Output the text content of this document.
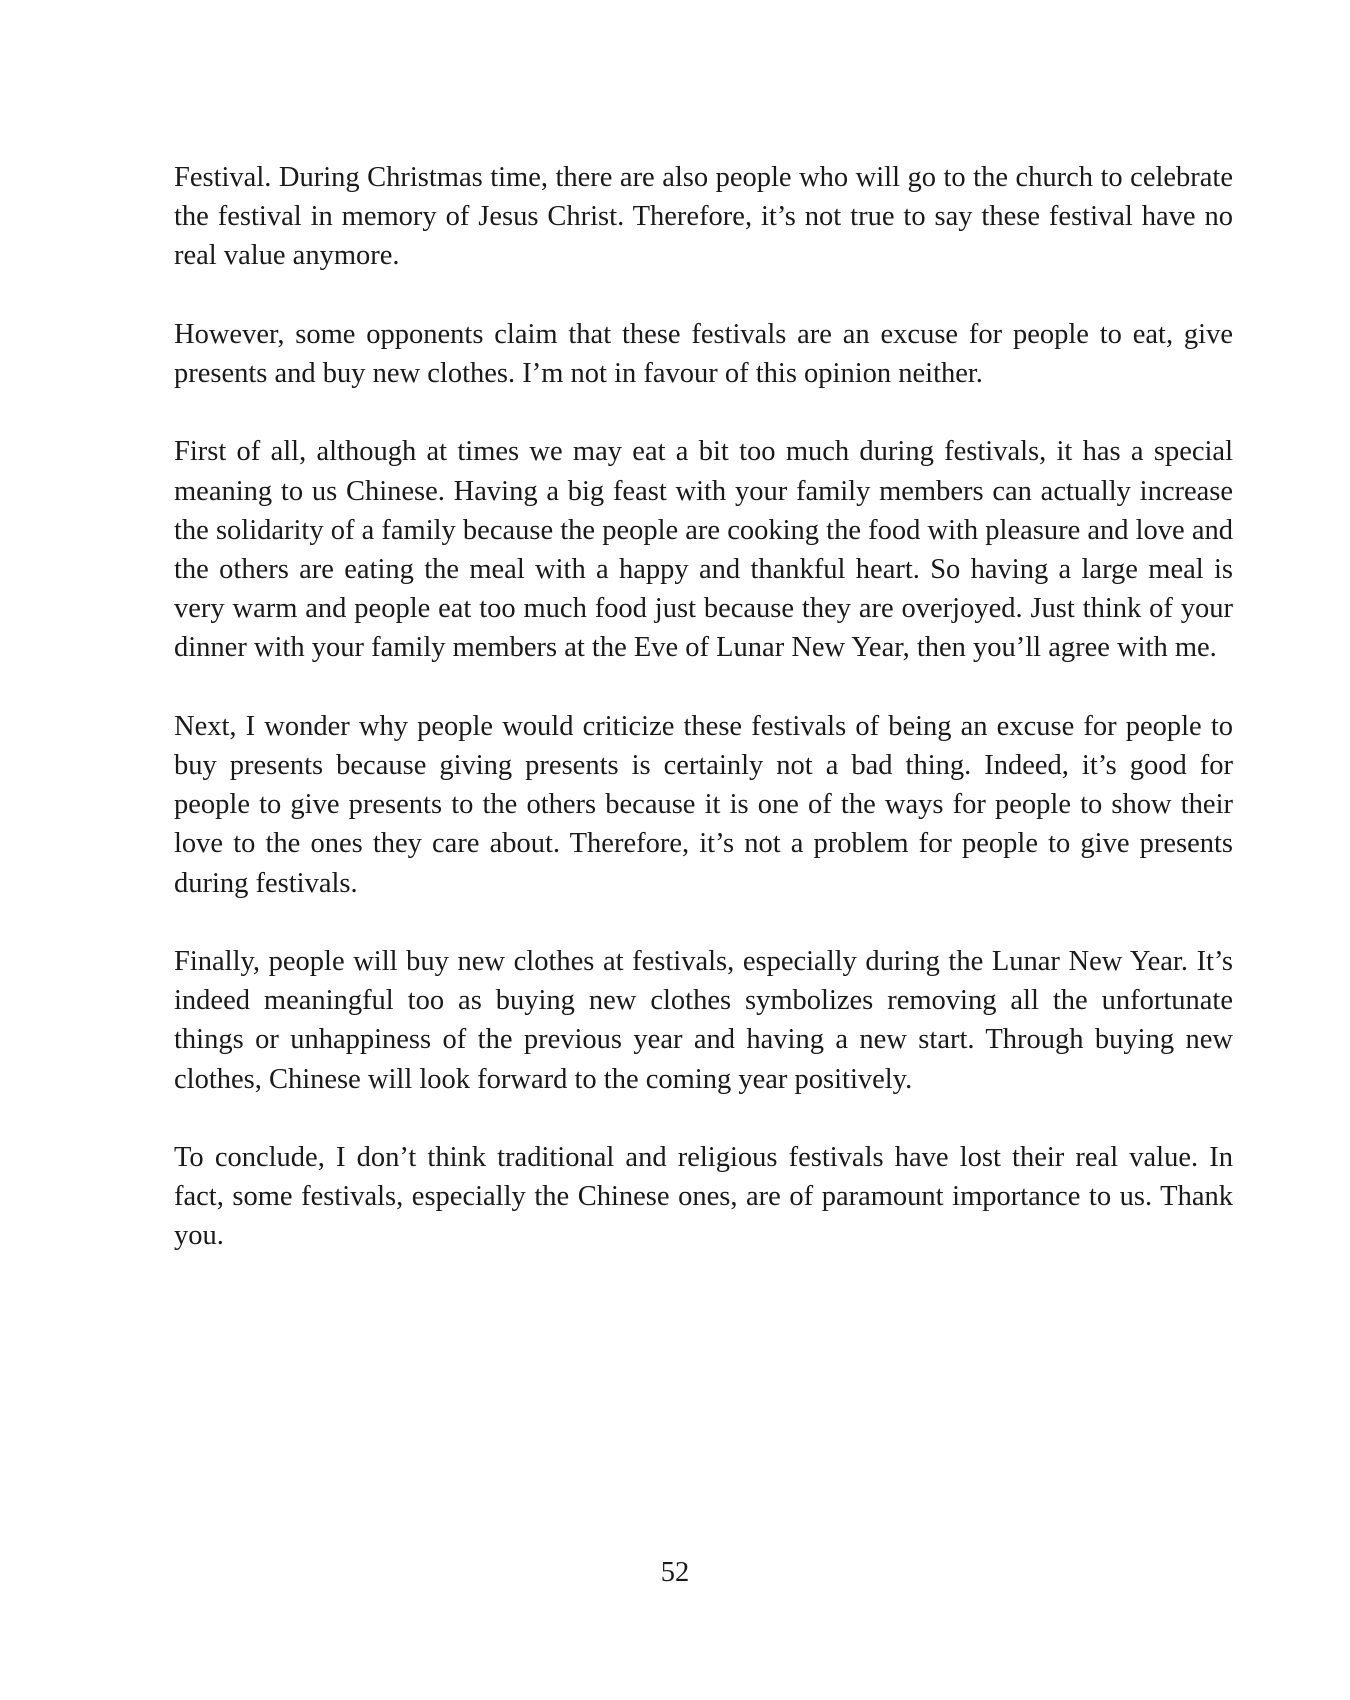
Festival. During Christmas time, there are also people who will go to the church to celebrate the festival in memory of Jesus Christ. Therefore, it’s not true to say these festival have no real value anymore.

However, some opponents claim that these festivals are an excuse for people to eat, give presents and buy new clothes. I’m not in favour of this opinion neither.

First of all, although at times we may eat a bit too much during festivals, it has a special meaning to us Chinese. Having a big feast with your family members can actually increase the solidarity of a family because the people are cooking the food with pleasure and love and the others are eating the meal with a happy and thankful heart. So having a large meal is very warm and people eat too much food just because they are overjoyed. Just think of your dinner with your family members at the Eve of Lunar New Year, then you’ll agree with me.

Next, I wonder why people would criticize these festivals of being an excuse for people to buy presents because giving presents is certainly not a bad thing. Indeed, it’s good for people to give presents to the others because it is one of the ways for people to show their love to the ones they care about. Therefore, it’s not a problem for people to give presents during festivals.

Finally, people will buy new clothes at festivals, especially during the Lunar New Year. It’s indeed meaningful too as buying new clothes symbolizes removing all the unfortunate things or unhappiness of the previous year and having a new start. Through buying new clothes, Chinese will look forward to the coming year positively.

To conclude, I don’t think traditional and religious festivals have lost their real value. In fact, some festivals, especially the Chinese ones, are of paramount importance to us. Thank you.

52
